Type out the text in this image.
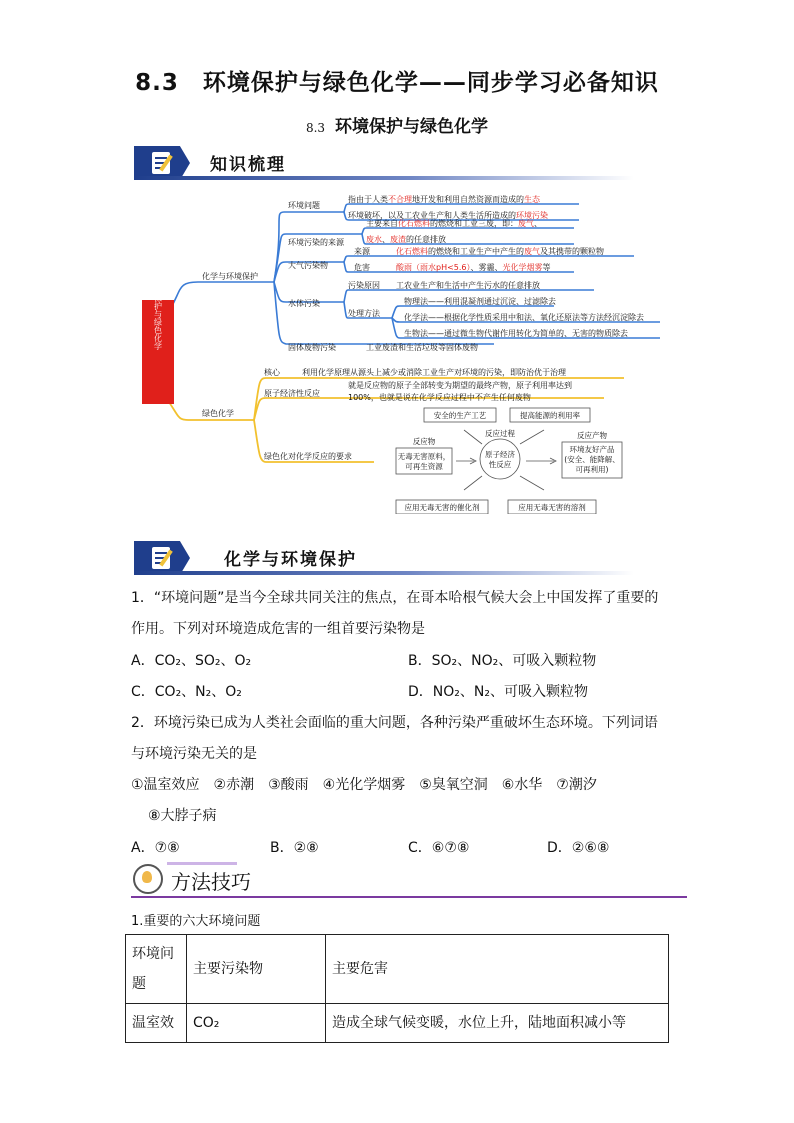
8.3　环境保护与绿色化学——同步学习必备知识
8.3 环境保护与绿色化学
知识梳理
环境保护与绿色化学
化学与环境保护
环境问题
指由于人类不合理地开发和利用自然资源而造成的生态
环境破坏，以及工农业生产和人类生活所造成的环境污染
环境污染的来源
主要来自化石燃料的燃烧和工业三废，即：废气、
废水、废渣的任意排放
大气污染物
来源	化石燃料的燃烧和工业生产中产生的废气及其携带的颗粒物
危害	酸雨（雨水pH<5.6）、雾霾、光化学烟雾等
水体污染
污染原因 工农业生产和生活中产生污水的任意排放
处理方法
物理法——利用混凝剂通过沉淀、过滤除去
化学法——根据化学性质采用中和法、氧化还原法等方法经沉淀除去
生物法——通过微生物代谢作用转化为简单的、无害的物质除去
固体废物污染	工业废渣和生活垃圾等固体废物
绿色化学
核心	利用化学原理从源头上减少或消除工业生产对环境的污染，即防治优于治理
原子经济性反应
就是反应物的原子全部转变为期望的最终产物，原子利用率达到
100%，也就是说在化学反应过程中不产生任何废物
绿色化对化学反应的要求
安全的生产工艺	提高能源的利用率
反应物
反应过程	反应产物
无毒无害原料，
可再生资源
原子经济
性反应
环境友好产品
(安全、能降解、
可再利用)
应用无毒无害的催化剂	应用无毒无害的溶剂
化学与环境保护
1．“环境问题”是当今全球共同关注的焦点，在哥本哈根气候大会上中国发挥了重要的
作用。下列对环境造成危害的一组首要污染物是
A．CO₂、SO₂、O₂	B．SO₂、NO₂、可吸入颗粒物
C．CO₂、N₂、O₂	D．NO₂、N₂、可吸入颗粒物
2．环境污染已成为人类社会面临的重大问题，各种污染严重破坏生态环境。下列词语
与环境污染无关的是
①温室效应　②赤潮　③酸雨　④光化学烟雾　⑤臭氧空洞　⑥水华　⑦潮汐
⑧大脖子病
A．⑦⑧	B．②⑧	C．⑥⑦⑧	D．②⑥⑧
方法技巧
1.重要的六大环境问题
环境问
题	主要污染物	主要危害
温室效	CO₂	造成全球气候变暖，水位上升，陆地面积减小等
